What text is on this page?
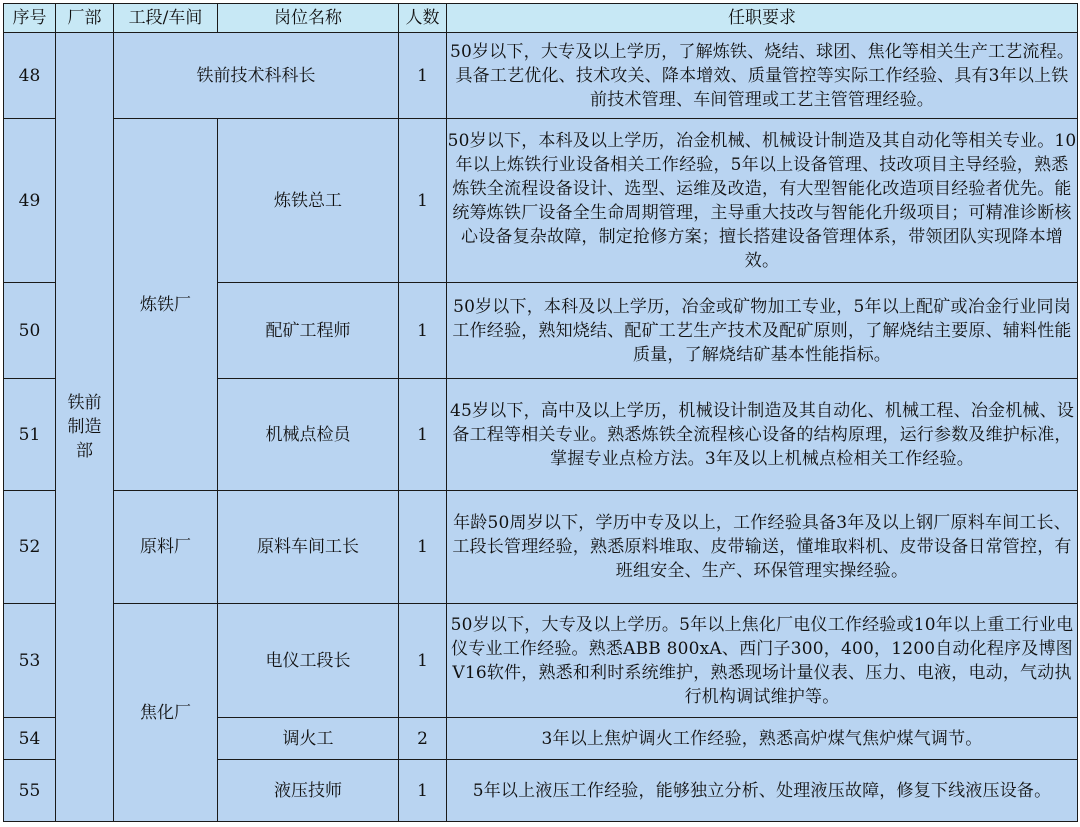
序号	厂部	工段/车间	岗位名称	人数	任职要求
48	铁前制造部	铁前技术科科长		1	50岁以下，大专及以上学历，了解炼铁、烧结、球团、焦化等相关生产工艺流程。具备工艺优化、技术攻关、降本增效、质量管控等实际工作经验、具有3年以上铁前技术管理、车间管理或工艺主管管理经验。
49		炼铁厂	炼铁总工	1	50岁以下，本科及以上学历，冶金机械、机械设计制造及其自动化等相关专业。10年以上炼铁行业设备相关工作经验，5年以上设备管理、技改项目主导经验，熟悉炼铁全流程设备设计、选型、运维及改造，有大型智能化改造项目经验者优先。能统筹炼铁厂设备全生命周期管理，主导重大技改与智能化升级项目；可精准诊断核心设备复杂故障，制定抢修方案；擅长搭建设备管理体系，带领团队实现降本增效。
50			配矿工程师	1	50岁以下，本科及以上学历，冶金或矿物加工专业，5年以上配矿或冶金行业同岗工作经验，熟知烧结、配矿工艺生产技术及配矿原则，了解烧结主要原、辅料性能质量，了解烧结矿基本性能指标。
51			机械点检员	1	45岁以下，高中及以上学历，机械设计制造及其自动化、机械工程、冶金机械、设备工程等相关专业。熟悉炼铁全流程核心设备的结构原理，运行参数及维护标准，掌握专业点检方法。3年及以上机械点检相关工作经验。
52		原料厂	原料车间工长	1	年龄50周岁以下，学历中专及以上，工作经验具备3年及以上钢厂原料车间工长、工段长管理经验，熟悉原料堆取、皮带输送，懂堆取料机、皮带设备日常管控，有班组安全、生产、环保管理实操经验。
53		焦化厂	电仪工段长	1	50岁以下，大专及以上学历。5年以上焦化厂电仪工作经验或10年以上重工行业电仪专业工作经验。熟悉ABB 800xA、西门子300，400，1200自动化程序及博图V16软件，熟悉和利时系统维护，熟悉现场计量仪表、压力、电液，电动，气动执行机构调试维护等。
54			调火工	2	3年以上焦炉调火工作经验，熟悉高炉煤气焦炉煤气调节。
55			液压技师	1	5年以上液压工作经验，能够独立分析、处理液压故障，修复下线液压设备。
